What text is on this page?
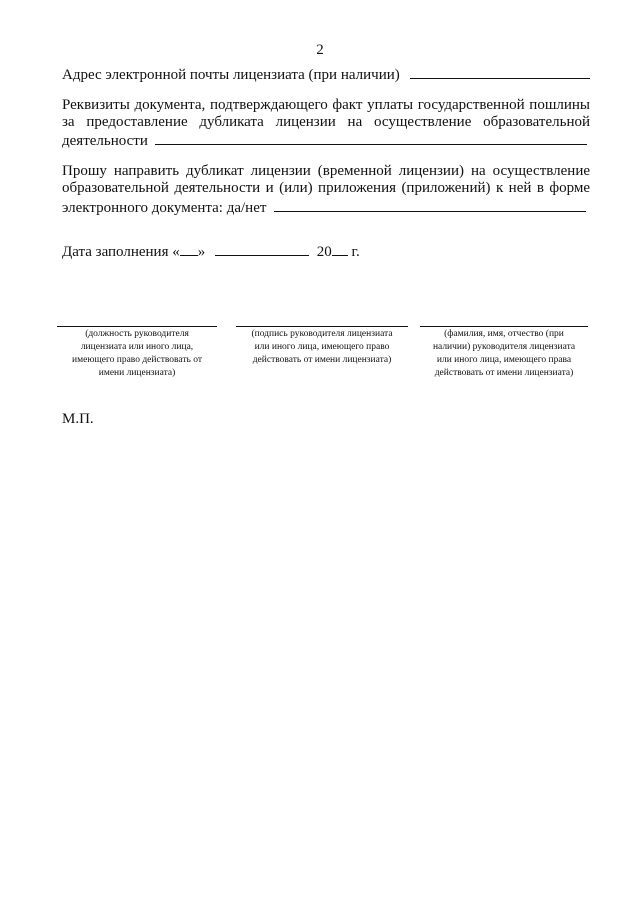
2
Адрес электронной почты лицензиата (при наличии)
Реквизиты документа, подтверждающего факт уплаты государственной пошлины
за предоставление дубликата лицензии на осуществление образовательной
деятельности
Прошу направить дубликат лицензии (временной лицензии) на осуществление
образовательной деятельности и (или) приложения (приложений) к ней в форме
электронного документа: да/нет
Дата заполнения « »	20 г.
(должность руководителя
лицензиата или иного лица,
имеющего право действовать от
имени лицензиата)
(подпись руководителя лицензиата
или иного лица, имеющего право
действовать от имени лицензиата)
(фамилия, имя, отчество (при
наличии) руководителя лицензиата
или иного лица, имеющего права
действовать от имени лицензиата)
М.П.
